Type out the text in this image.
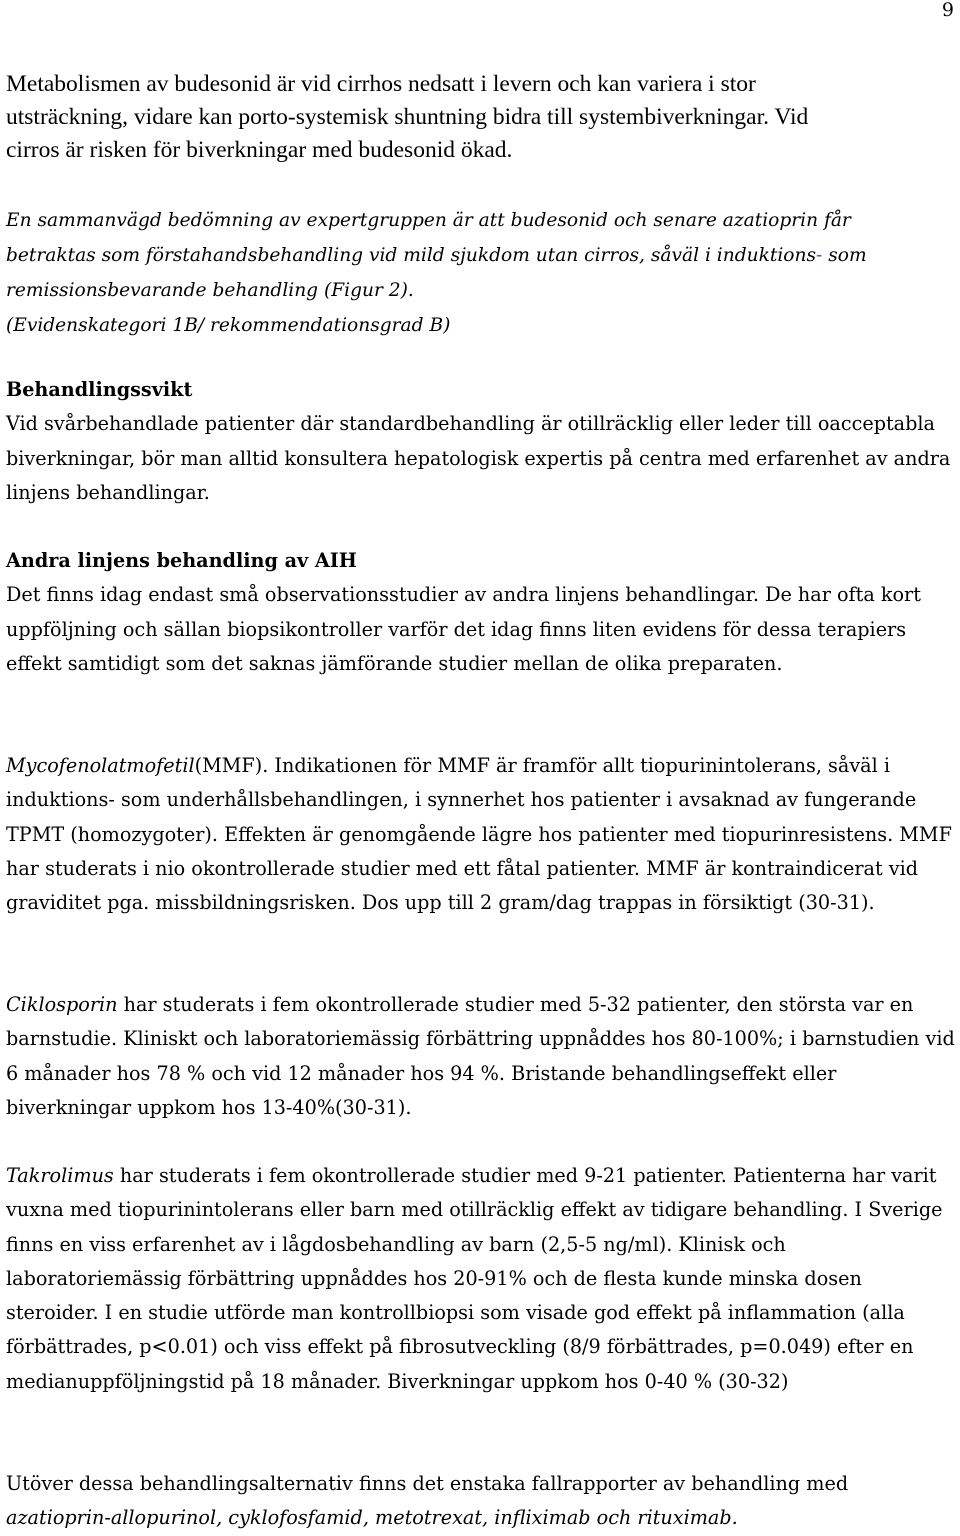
9

Metabolismen av budesonid är vid cirrhos nedsatt i levern och kan variera i stor
utsträckning, vidare kan porto-systemisk shuntning bidra till systembiverkningar. Vid
cirros är risken för biverkningar med budesonid ökad.

En sammanvägd bedömning av expertgruppen är att budesonid och senare azatioprin får
betraktas som förstahandsbehandling vid mild sjukdom utan cirros, såväl i induktions- som
remissionsbevarande behandling (Figur 2).
(Evidenskategori 1B/ rekommendationsgrad B)

Behandlingssvikt
Vid svårbehandlade patienter där standardbehandling är otillräcklig eller leder till oacceptabla biverkningar, bör man alltid konsultera hepatologisk expertis på centra med erfarenhet av andra linjens behandlingar.
Andra linjens behandling av AIH
Det finns idag endast små observationsstudier av andra linjens behandlingar. De har ofta kort uppföljning och sällan biopsikontroller varför det idag finns liten evidens för dessa terapiers effekt samtidigt som det saknas jämförande studier mellan de olika preparaten.

Mycofenolatmofetil(MMF). Indikationen för MMF är framför allt tiopurinintolerans, såväl i induktions- som underhållsbehandlingen, i synnerhet hos patienter i avsaknad av fungerande TPMT (homozygoter). Effekten är genomgående lägre hos patienter med tiopurinresistens. MMF har studerats i nio okontrollerade studier med ett fåtal patienter. MMF är kontraindicerat vid graviditet pga. missbildningsrisken. Dos upp till 2 gram/dag trappas in försiktigt (30-31).

Ciklosporin har studerats i fem okontrollerade studier med 5-32 patienter, den största var en barnstudie. Kliniskt och laboratoriemässig förbättring uppnåddes hos 80-100%; i barnstudien vid 6 månader hos 78 % och vid 12 månader hos 94 %. Bristande behandlingseffekt eller biverkningar uppkom hos 13-40%(30-31).

Takrolimus har studerats i fem okontrollerade studier med 9-21 patienter. Patienterna har varit vuxna med tiopurinintolerans eller barn med otillräcklig effekt av tidigare behandling. I Sverige finns en viss erfarenhet av i lågdosbehandling av barn (2,5-5 ng/ml). Klinisk och laboratoriemässig förbättring uppnåddes hos 20-91% och de flesta kunde minska dosen steroider. I en studie utförde man kontrollbiopsi som visade god effekt på inflammation (alla förbättrades, p<0.01) och viss effekt på fibrosutveckling (8/9 förbättrades, p=0.049) efter en medianuppföljningstid på 18 månader. Biverkningar uppkom hos 0-40 % (30-32)

Utöver dessa behandlingsalternativ finns det enstaka fallrapporter av behandling med
azatioprin-allopurinol, cyklofosfamid, metotrexat, infliximab och rituximab.
